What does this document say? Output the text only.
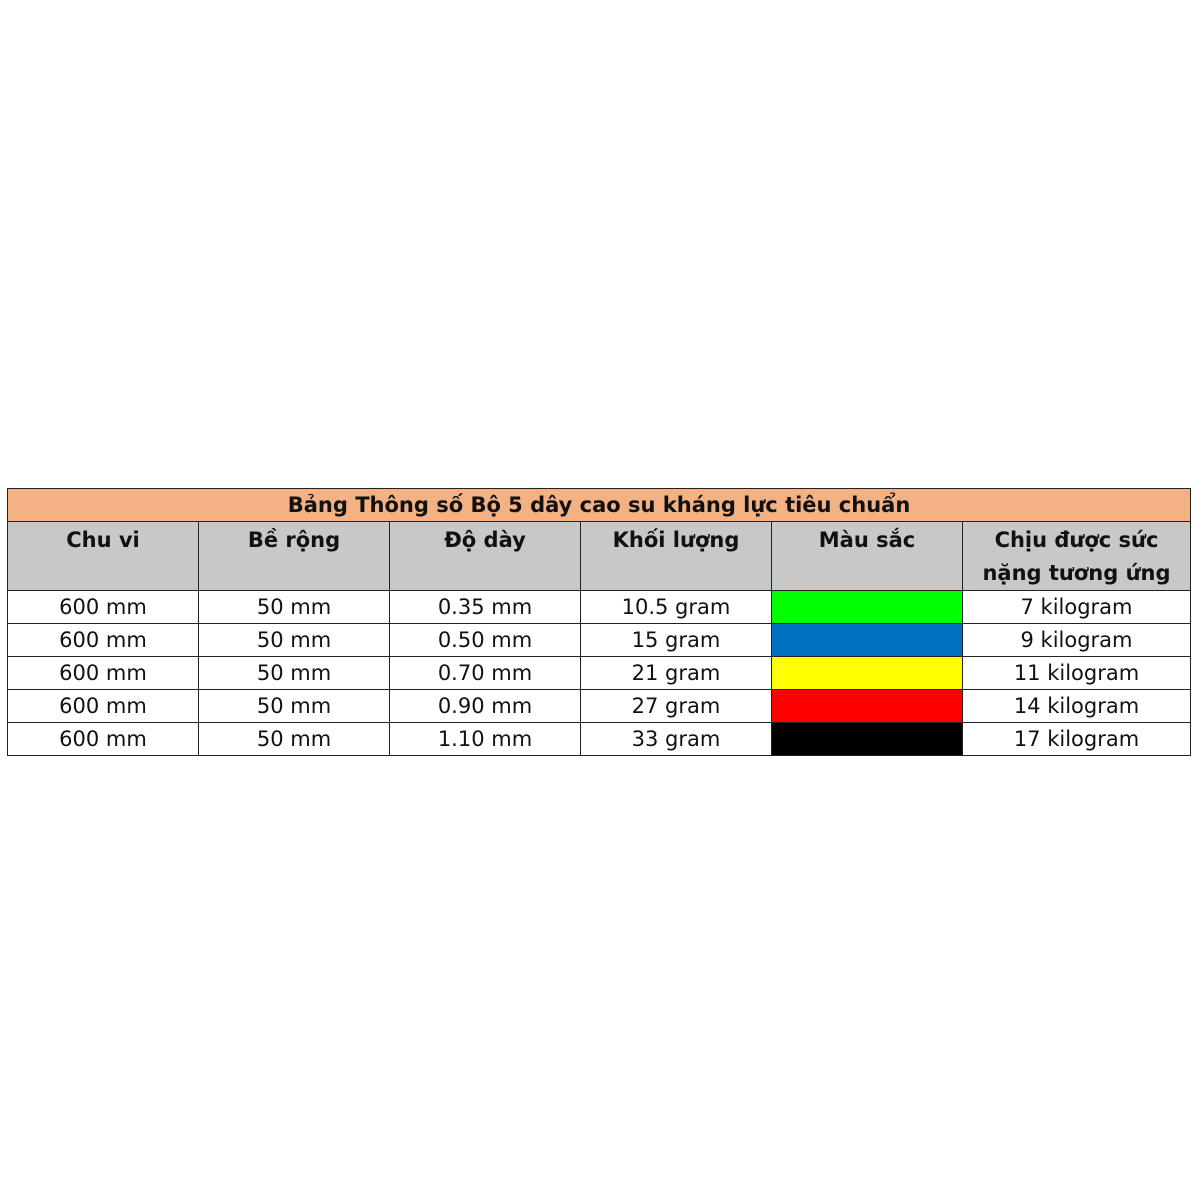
Bảng Thông số Bộ 5 dây cao su kháng lực tiêu chuẩn					

Chu vi	Bề rộng	Độ dày	Khối lượng	Màu sắc	Chịu được sức nặng tương ứng

600 mm	50 mm	0.35 mm	10.5 gram		7 kilogram
600 mm	50 mm	0.50 mm	15 gram		9 kilogram
600 mm	50 mm	0.70 mm	21 gram		11 kilogram
600 mm	50 mm	0.90 mm	27 gram		14 kilogram
600 mm	50 mm	1.10 mm	33 gram		17 kilogram
